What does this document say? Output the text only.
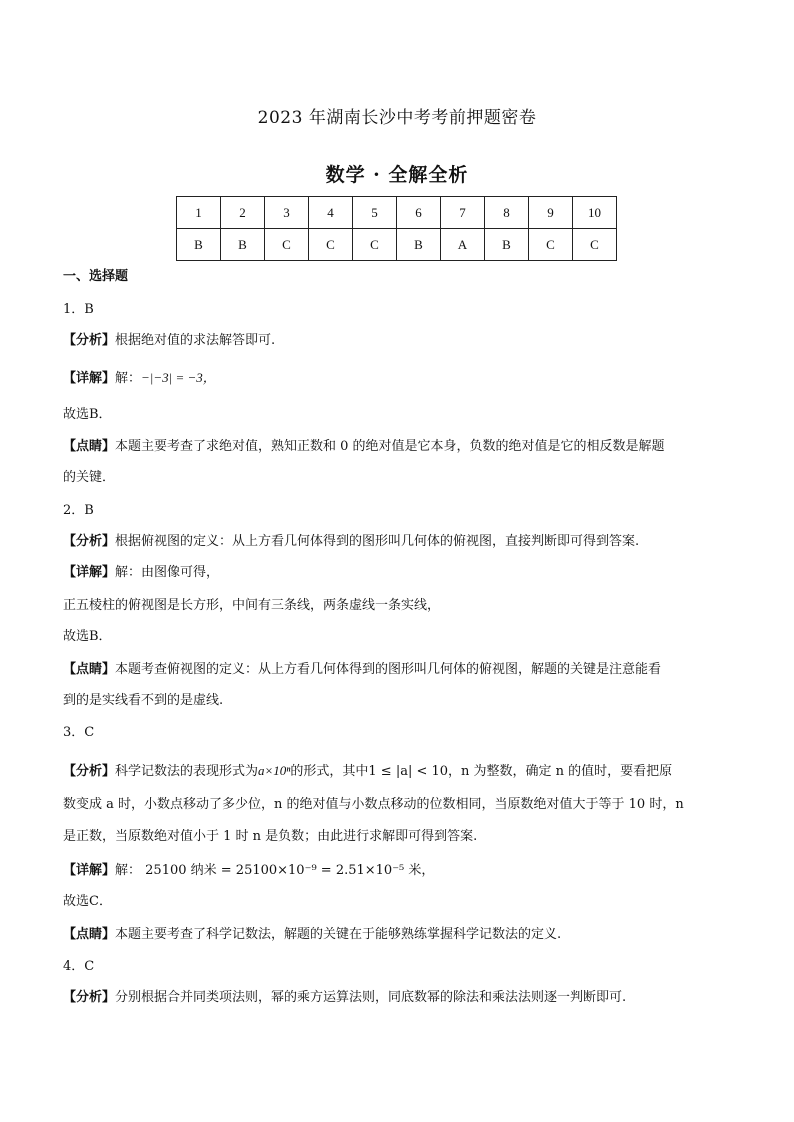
2023 年湖南长沙中考考前押题密卷
数学 · 全解全析
1	2	3	4	5	6	7	8	9	10
B	B	C	C	C	B	A	B	C	C

一、选择题

1．B

【分析】根据绝对值的求法解答即可.

【详解】解：−|−3| = −3，

故选B．

【点睛】本题主要考查了求绝对值，熟知正数和 0 的绝对值是它本身，负数的绝对值是它的相反数是解题

的关键．

2．B

【分析】根据俯视图的定义：从上方看几何体得到的图形叫几何体的俯视图，直接判断即可得到答案.

【详解】解：由图像可得，

正五棱柱的俯视图是长方形，中间有三条线，两条虚线一条实线，

故选B．

【点睛】本题考查俯视图的定义：从上方看几何体得到的图形叫几何体的俯视图，解题的关键是注意能看

到的是实线看不到的是虚线.

3．C

【分析】科学记数法的表现形式为a×10ⁿ的形式，其中1 ≤ |a| < 10，n 为整数，确定 n 的值时，要看把原

数变成 a 时，小数点移动了多少位，n 的绝对值与小数点移动的位数相同，当原数绝对值大于等于 10 时，n

是正数，当原数绝对值小于 1 时 n 是负数；由此进行求解即可得到答案.

【详解】解： 25100 纳米 = 25100×10⁻⁹ = 2.51×10⁻⁵ 米，

故选C．

【点睛】本题主要考查了科学记数法，解题的关键在于能够熟练掌握科学记数法的定义.

4．C

【分析】分别根据合并同类项法则，幂的乘方运算法则，同底数幂的除法和乘法法则逐一判断即可.
